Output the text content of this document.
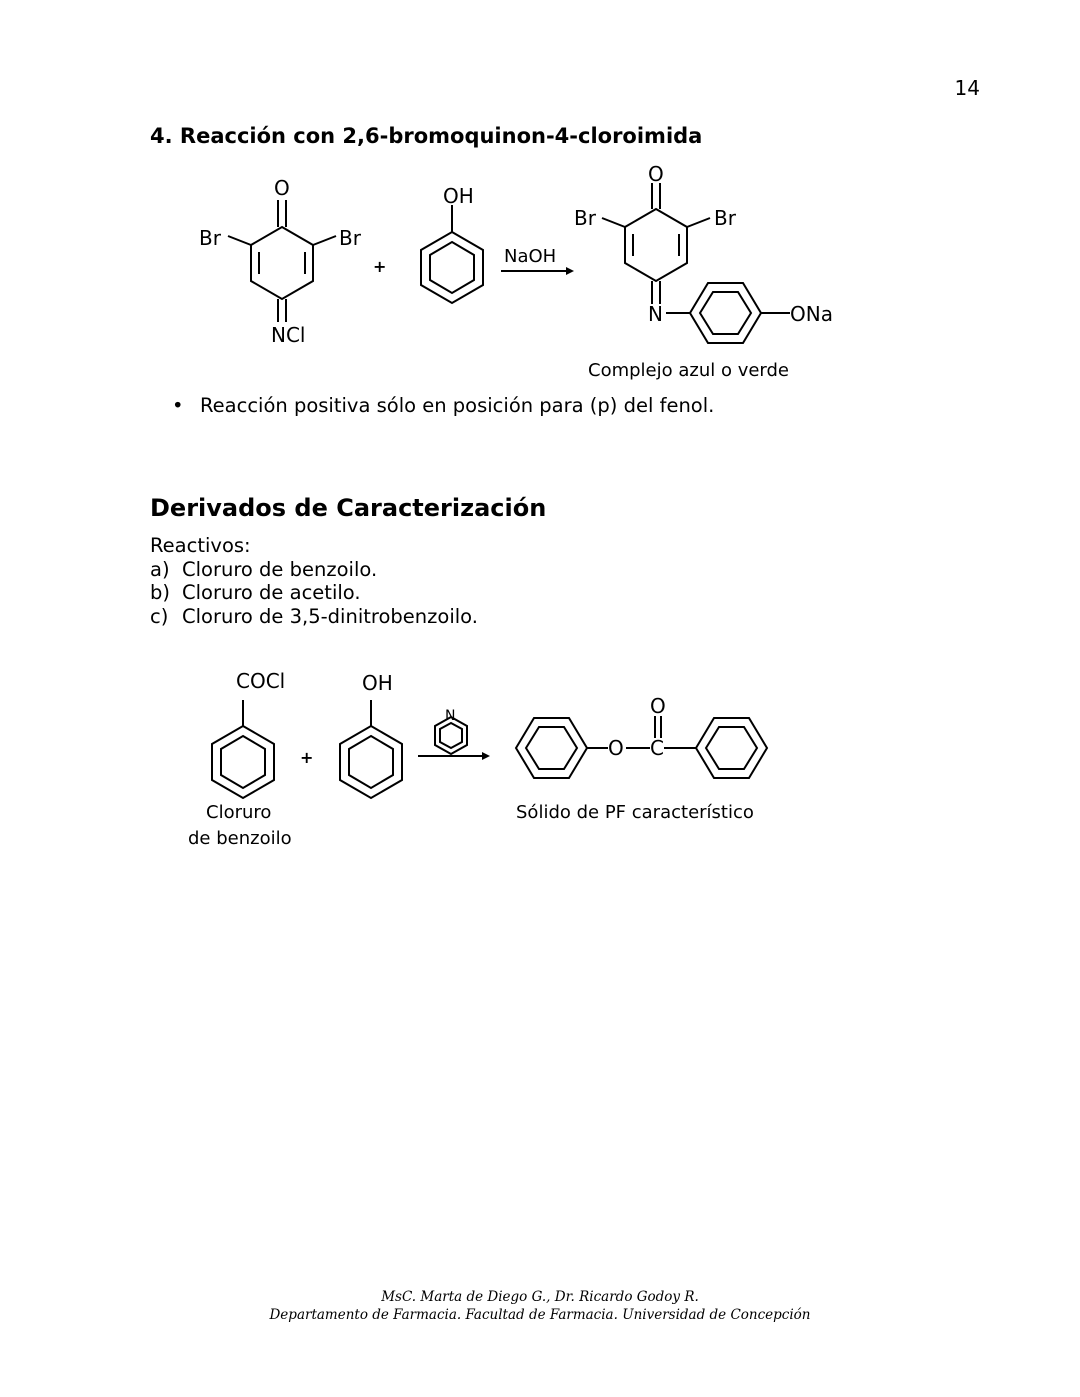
14
4. Reacción con 2,6-bromoquinon-4-cloroimida
O
Br	Br
NCl
+
OH
NaOH
O
Br	Br
N	ONa
Complejo azul o verde
• Reacción positiva sólo en posición para (p) del fenol.
Derivados de Caracterización
Reactivos:
a) Cloruro de benzoilo.
b) Cloruro de acetilo.
c) Cloruro de 3,5-dinitrobenzoilo.
COCl
+
OH
N
O C
O
Cloruro
de benzoilo
Sólido de PF característico
MsC. Marta de Diego G., Dr. Ricardo Godoy R.
Departamento de Farmacia. Facultad de Farmacia. Universidad de Concepción
